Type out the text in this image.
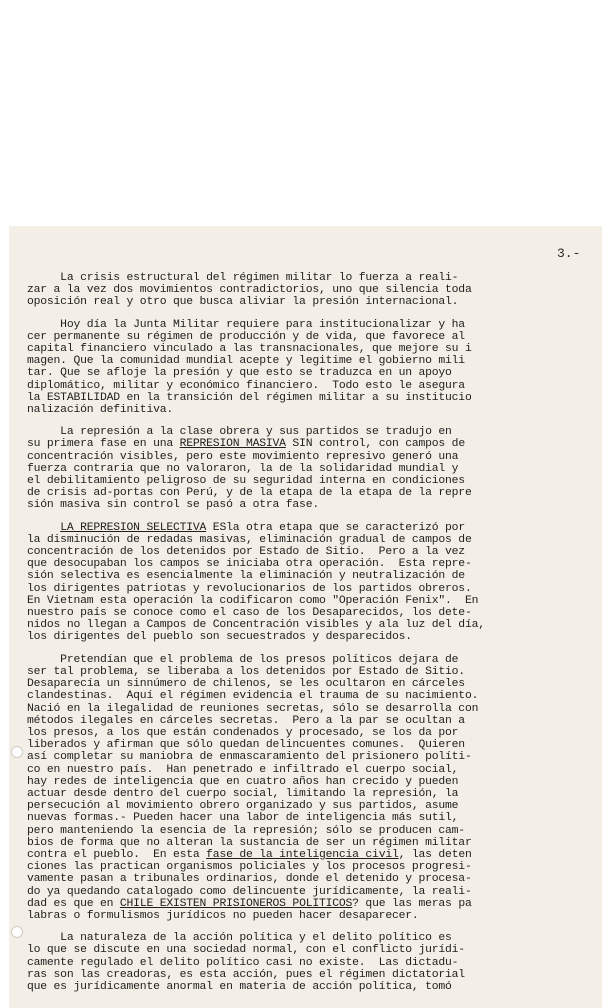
3.-
La crisis estructural del régimen militar lo fuerza a reali-
zar a la vez dos movimientos contradictorios, uno que silencia toda
oposición real y otro que busca aliviar la presión internacional.
Hoy día la Junta Militar requiere para institucionalizar y ha
cer permanente su régimen de producción y de vida, que favorece al
capital financiero vinculado a las transnacionales, que mejore su i
magen. Que la comunidad mundial acepte y legitime el gobierno mili
tar. Que se afloje la presión y que esto se traduzca en un apoyo
diplomático, militar y económico financiero.  Todo esto le asegura
la ESTABILIDAD en la transición del régimen militar a su institucio
nalización definitiva.
La represión a la clase obrera y sus partidos se tradujo en
su primera fase en una REPRESION MASIVA SIN control, con campos de
concentración visibles, pero este movimiento represivo generó una
fuerza contraria que no valoraron, la de la solidaridad mundial y
el debilitamiento peligroso de su seguridad interna en condiciones
de crisis ad-portas con Perú, y de la etapa de la etapa de la repre
sión masiva sin control se pasó a otra fase.
LA REPRESION SELECTIVA ESla otra etapa que se caracterizó por
la disminución de redadas masivas, eliminación gradual de campos de
concentración de los detenidos por Estado de Sitio.  Pero a la vez
que desocupaban los campos se iniciaba otra operación.  Esta repre-
sión selectiva es esencialmente la eliminación y neutralización de
los dirigentes patriotas y revolucionarios de los partidos obreros.
En Vietnam esta operación la codificaron como "Operación Fenix".  En
nuestro país se conoce como el caso de los Desaparecidos, los dete-
nidos no llegan a Campos de Concentración visibles y ala luz del día,
los dirigentes del pueblo son secuestrados y desparecidos.
Pretendían que el problema de los presos políticos dejara de
ser tal problema, se liberaba a los detenidos por Estado de Sitio.
Desaparecía un sinnúmero de chilenos, se les ocultaron en cárceles
clandestinas.  Aquí el régimen evidencia el trauma de su nacimiento.
Nació en la ilegalidad de reuniones secretas, sólo se desarrolla con
métodos ilegales en cárceles secretas.  Pero a la par se ocultan a
los presos, a los que están condenados y procesado, se los da por
liberados y afirman que sólo quedan delincuentes comunes.  Quieren
así completar su maniobra de enmascaramiento del prisionero políti-
co en nuestro país.  Han penetrado e infiltrado el cuerpo social,
hay redes de inteligencia que en cuatro años han crecido y pueden
actuar desde dentro del cuerpo social, limitando la represión, la
persecución al movimiento obrero organizado y sus partidos, asume
nuevas formas.- Pueden hacer una labor de inteligencia más sutil,
pero manteniendo la esencia de la represión; sólo se producen cam-
bios de forma que no alteran la sustancia de ser un régimen militar
contra el pueblo.  En esta fase de la inteligencia civil, las deten
ciones las practican organismos policiales y los procesos progresi-
vamente pasan a tribunales ordinarios, donde el detenido y procesa-
do ya quedando catalogado como delincuente jurídicamente, la reali-
dad es que en CHILE EXISTEN PRISIONEROS POLITICOS? que las meras pa
labras o formulismos jurídicos no pueden hacer desaparecer.
La naturaleza de la acción política y el delito político es
lo que se discute en una sociedad normal, con el conflicto jurídi-
camente regulado el delito político casi no existe.  Las dictadu-
ras son las creadoras, es esta acción, pues el régimen dictatorial
que es jurídicamente anormal en materia de acción política, tomó
